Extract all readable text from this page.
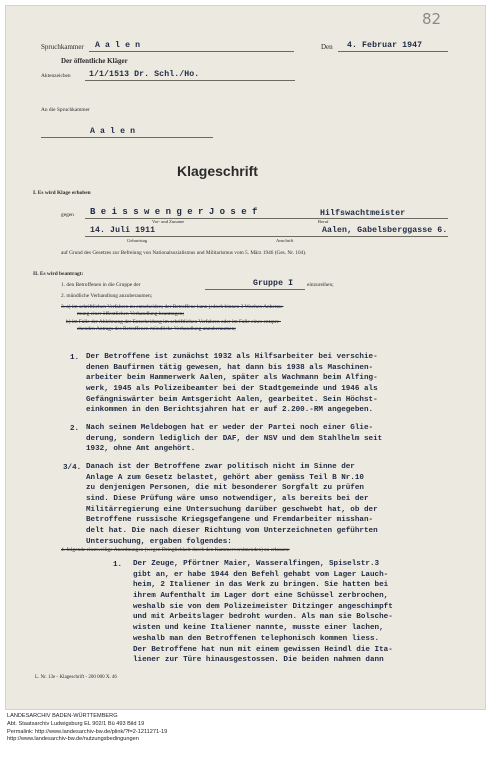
82
Spruchkammer A a l e n	Den 4. Februar 1947
Der öffentliche Kläger
Aktenzeichen 1/1/1513 Dr. Schl./Ho.
An die Spruchkammer
A a l e n
Klageschrift
I. Es wird Klage erhoben
gegen B e i s s w e n g e r J o s e f	Hilfswachtmeister
Vor- und Zuname	Beruf
14. Juli 1911	Aalen, Gabelsberggasse 6.
Geburtstag	Anschrift
auf Grund des Gesetzes zur Befreiung von Nationalsozialismus und Militarismus vom 5. März 1946 (Ges. Nr. 104).
II. Es wird beantragt:
1. den Betroffenen in die Gruppe der	Gruppe I	einzureihen;
2. mündliche Verhandlung anzuberaumen;
3. a) im schriftlichen Verfahren zu entscheiden; der Betroffene kann jedoch binnen 3 Wochen Anberau-
mung einer öffentlichen Verhandlung beantragen;
b) im Falle der Ablehnung der Entscheidung im schriftlichen Verfahren oder im Falle eines entspre-
chenden Antrags des Betroffenen mündliche Verhandlung anzuberaumen;
1. Der Betroffene ist zunächst 1932 als Hilfsarbeiter bei verschie-
denen Baufirmen tätig gewesen, hat dann bis 1938 als Maschinen-
arbeiter beim Hammerwerk Aalen, später als Wachmann beim Alfing-
werk, 1945 als Polizeibeamter bei der Stadtgemeinde und 1946 als
Gefängniswärter beim Amtsgericht Aalen, gearbeitet. Sein Höchst-
einkommen in den Berichtsjahren hat er auf 2.200.-RM angegeben.
2. Nach seinem Meldebogen hat er weder der Partei noch einer Glie-
derung, sondern lediglich der DAF, der NSV und dem Stahlhelm seit
1932, ohne Amt angehört.
3/4. Danach ist der Betroffene zwar politisch nicht im Sinne der
Anlage A zum Gesetz belastet, gehört aber gemäss Teil B Nr.10
zu denjenigen Personen, die mit besonderer Sorgfalt zu prüfen
sind. Diese Prüfung wäre umso notwendiger, als bereits bei der
Militärregierung eine Untersuchung darüber geschwebt hat, ob der
Betroffene russische Kriegsgefangene und Fremdarbeiter misshan-
delt hat. Die nach dieser Richtung vom Unterzeichneten geführten
Untersuchung, ergaben folgendes:
4. folgende einstweilige Anordnungen (wegen Dringlichkeit durch den Kammervorsitzenden) zu erlassen:
1. Der Zeuge, Pförtner Maier, Wasseralfingen, Spiselstr.3
gibt an, er habe 1944 den Befehl gehabt vom Lager Lauch-
heim, 2 Italiener in das Werk zu bringen. Sie hatten bei
ihrem Aufenthalt im Lager dort eine Schüssel zerbrochen,
weshalb sie von dem Polizeimeister Ditzinger angeschimpft
und mit Arbeitslager bedroht wurden. Als man sie Bolsche-
wisten und keine Italiener nannte, musste einer lachen,
weshalb man den Betroffenen telephonisch kommen liess.
Der Betroffene hat nun mit einem gewissen Heindl die Ita-
liener zur Türe hinausgestossen. Die beiden nahmen dann
L. Nr. 13e - Klageschrift - 200 000 X. 46
LANDESARCHIV BADEN-WÜRTTEMBERG
Abt. Staatsarchiv Ludwigsburg EL 902/1 Bü 493 Bild 19
Permalink: http://www.landesarchiv-bw.de/plink/?f=2-1211271-19
http://www.landesarchiv-bw.de/nutzungsbedingungen
